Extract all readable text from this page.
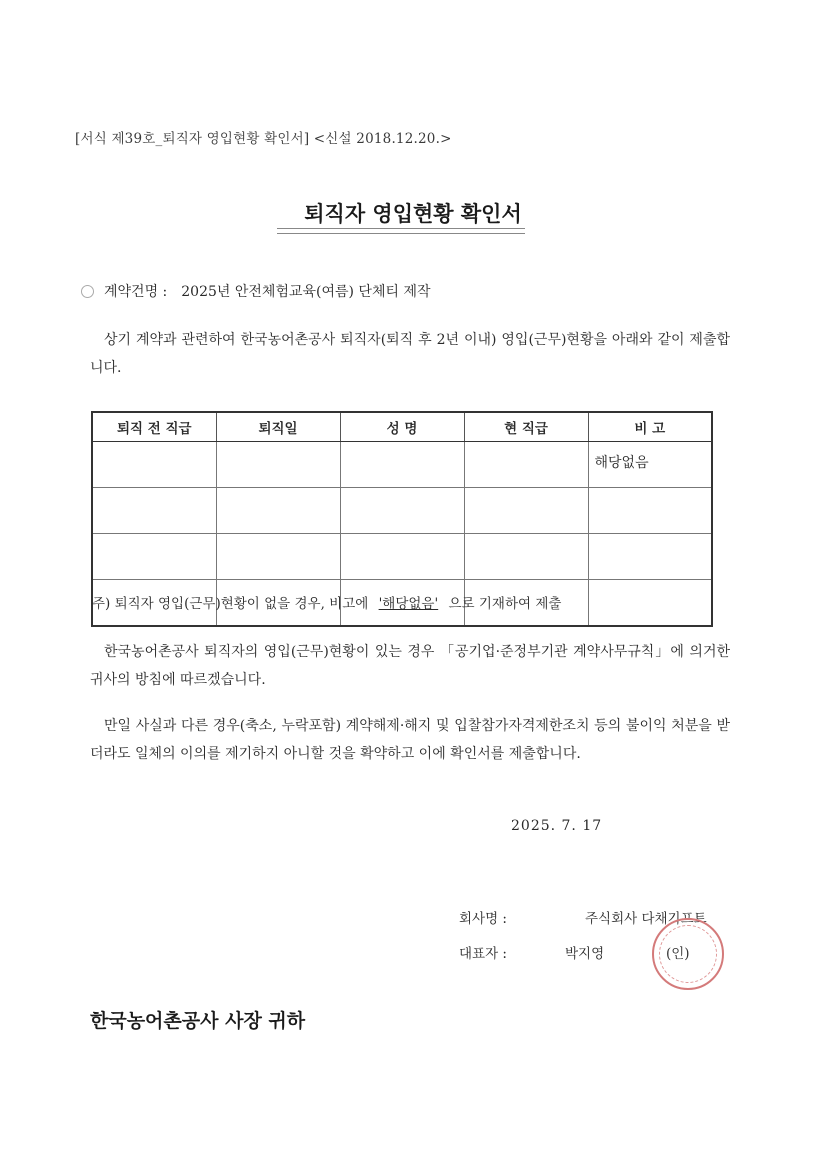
[서식 제39호_퇴직자 영입현황 확인서] <신설 2018.12.20.>
퇴직자 영입현황 확인서
계약건명 : 2025년 안전체험교육(여름) 단체티 제작
상기 계약과 관련하여 한국농어촌공사 퇴직자(퇴직 후 2년 이내) 영입(근무)현황을 아래와 같이 제출합니다.
퇴직 전 직급	퇴직일	성 명	현 직급	비 고
				해당없음

주) 퇴직자 영입(근무)현황이 없을 경우, 비고에 '해당없음' 으로 기재하여 제출
한국농어촌공사 퇴직자의 영입(근무)현황이 있는 경우 「공기업·준정부기관 계약사무규칙」에 의거한 귀사의 방침에 따르겠습니다.
만일 사실과 다른 경우(축소, 누락포함) 계약해제·해지 및 입찰참가자격제한조치 등의 불이익 처분을 받더라도 일체의 이의를 제기하지 아니할 것을 확약하고 이에 확인서를 제출합니다.
2025. 7. 17
회사명 :	주식회사 다채기프트
대표자 :	박지영	(인)
한국농어촌공사 사장 귀하
